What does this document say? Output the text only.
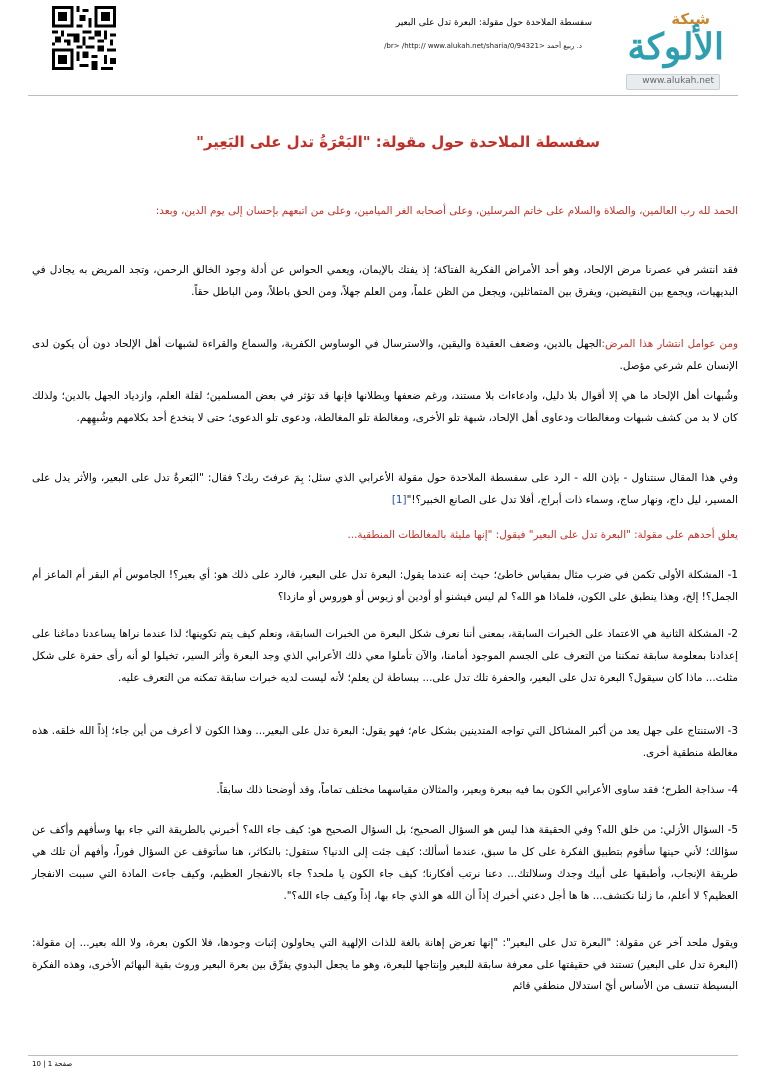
شبكة
الألوكة
www.alukah.net
سفسطة الملاحدة حول مقولة: البعرة تدل على البعير
د. ربيع أحمد <br> /http:// www.alukah.net/sharia/0/94321/
سفسطة الملاحدة حول مقولة: "البَعْرَةُ تدل على البَعِير"

الحمد لله رب العالمين، والصلاة والسلام على خاتم المرسلين، وعلى أصحابه الغر الميامين، وعلى من اتبعهم بإحسان إلى يوم الدين، وبعد:

فقد انتشر في عصرنا مرض الإلحاد، وهو أحد الأمراض الفكرية الفتاكة؛ إذ يفتك بالإيمان، ويعمي الحواس عن أدلة وجود الخالق الرحمن، وتجد المريض به يجادل في البديهيات، ويجمع بين النقيضين، ويفرق بين المتماثلين، ويجعل من الظن علماً، ومن العلم جهلاً، ومن الحق باطلاً، ومن الباطل حقاً.

ومن عوامل انتشار هذا المرض:الجهل بالدين، وضعف العقيدة واليقين، والاسترسال في الوساوس الكفرية، والسماع والقراءة لشبهات أهل الإلحاد دون أن يكون لدى الإنسان علم شرعي مؤصل.

وشُبهات أهل الإلحاد ما هي إلا أقوال بلا دليل، وادعاءات بلا مستند، ورغم ضعفها وبطلانها فإنها قد تؤثر في بعض المسلمين؛ لقلة العلم، وازدياد الجهل بالدين؛ ولذلك كان لا بد من كشف شبهات ومغالطات ودعاوى أهل الإلحاد، شبهة تلو الأخرى، ومغالطة تلو المغالطة، ودعوى تلو الدعوى؛ حتى لا ينخدع أحد بكلامهم وشُبهِهم.

وفي هذا المقال سنتناول - بإذن الله - الرد على سفسطة الملاحدة حول مقولة الأعرابي الذي سئل: بِمَ عرفتَ ربك؟ فقال: "البَعرةُ تدل على البعير، والأثر يدل على المسير، ليل داج، ونهار ساج، وسماء ذات أبراج، أفلا تدل على الصانع الخبير؟!"[1]

يعلق أحدهم على مقولة: "البعرة تدل على البعير" فيقول: "إنها مليئة بالمغالطات المنطقية...

1- المشكلة الأولى تكمن في ضرب مثال بمقياس خاطئ؛ حيث إنه عندما يقول: البعرة تدل على البعير، فالرد على ذلك هو: أي بعير؟! الجاموس أم البقر أم الماعز أم الجمل؟! إلخ، وهذا ينطبق على الكون، فلماذا هو الله؟ لم ليس فيشنو أو أودين أو زيوس أو هوروس أو مازدا؟

2- المشكلة الثانية هي الاعتماد على الخبرات السابقة، بمعنى أننا نعرف شكل البعرة من الخبرات السابقة، ونعلم كيف يتم تكوينها؛ لذا عندما نراها يساعدنا دماغنا على إعدادنا بمعلومة سابقة تمكننا من التعرف على الجسم الموجود أمامنا، والآن تأملوا معي ذلك الأعرابي الذي وجد البعرة وأثر السير، تخيلوا لو أنه رأى حفرة على شكل مثلث... ماذا كان سيقول؟ البعرة تدل على البعير، والحفرة تلك تدل على... ببساطة لن يعلم؛ لأنه ليست لديه خبرات سابقة تمكنه من التعرف عليه.

3- الاستنتاج على جهل يعد من أكبر المشاكل التي تواجه المتدينين بشكل عام؛ فهو يقول: البعرة تدل على البعير... وهذا الكون لا أعرف من أين جاء؛ إذاً الله خلقه. هذه مغالطة منطقية أخرى.

4- سذاجة الطرح؛ فقد ساوى الأعرابي الكون بما فيه ببعرة وبعير، والمثالان مقياسهما مختلف تماماً، وقد أوضحنا ذلك سابقاً.

5- السؤال الأزلي: من خلق الله؟ وفي الحقيقة هذا ليس هو السؤال الصحيح؛ بل السؤال الصحيح هو: كيف جاء الله؟ أخبرني بالطريقة التي جاء بها وسأفهم وأكف عن سؤالك؛ لأني حينها سأقوم بتطبيق الفكرة على كل ما سبق، عندما أسألك: كيف جئت إلى الدنيا؟ ستقول: بالتكاثر، هنا سأتوقف عن السؤال فوراً، وأفهم أن تلك هي طريقة الإنجاب، وأطبقها على أبيك وجدك وسلالتك... دعنا نرتب أفكارنا؛ كيف جاء الكون يا ملحد؟ جاء بالانفجار العظيم، وكيف جاءت المادة التي سببت الانفجار العظيم؟ لا أعلم، ما زلنا نكتشف... ها ها أجل دعني أخبرك إذاً أن الله هو الذي جاء بها، إذاً وكيف جاء الله؟".

ويقول ملحد آخر عن مقولة: "البعرة تدل على البعير": "إنها تعرض إهانة بالغة للذات الإلهية التي يحاولون إثبات وجودها، فلا الكون بعرة، ولا الله بعير... إن مقولة: (البعرة تدل على البعير) تستند في حقيقتها على معرفة سابقة للبعير وإنتاجها للبعرة، وهو ما يجعل البدوي يفرِّق بين بعرة البعير وروث بقية البهائم الأخرى، وهذه الفكرة البسيطة تنسف من الأساس أيّ استدلال منطقي قائم

صفحة 1 | 10
